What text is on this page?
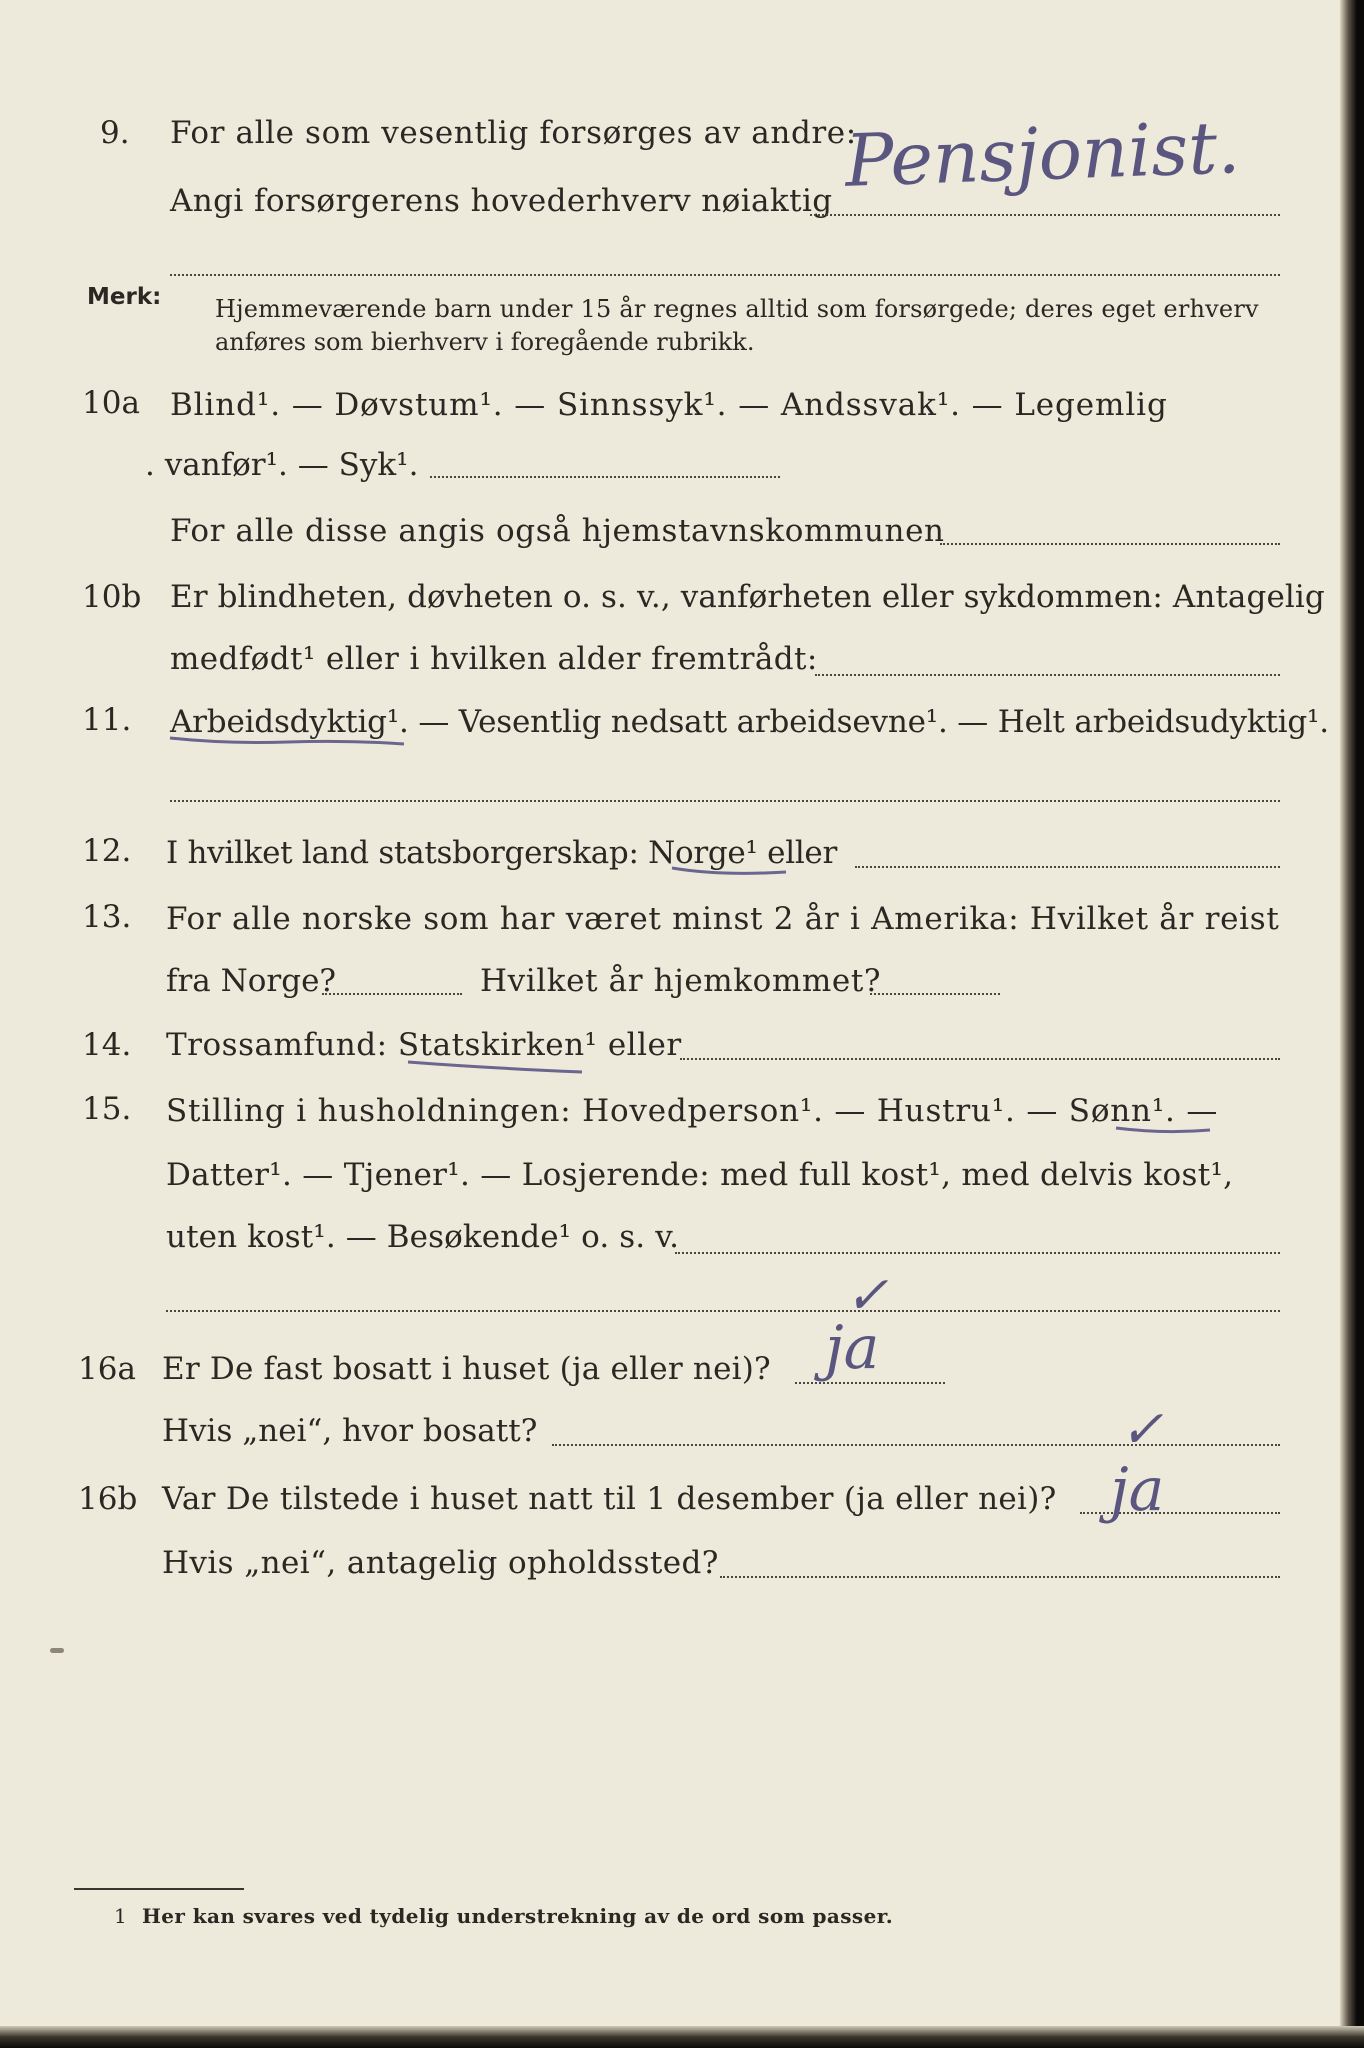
9. For alle som vesentlig forsørges av andre:
Angi forsørgerens hovederhverv nøiaktig Pensjonist.
Merk: Hjemmeværende barn under 15 år regnes alltid som forsørgede; deres eget erhverv
anføres som bierhverv i foregående rubrikk.
10a Blind¹. — Døvstum¹. — Sinnssyk¹. — Andssvak¹. — Legemlig
. vanfør¹. — Syk¹.
For alle disse angis også hjemstavnskommunen
10b Er blindheten, døvheten o. s. v., vanførheten eller sykdommen: Antagelig
medfødt¹ eller i hvilken alder fremtrådt:
11. Arbeidsdyktig¹. — Vesentlig nedsatt arbeidsevne¹. — Helt arbeidsudyktig¹.
12. I hvilket land statsborgerskap: Norge¹ eller
13. For alle norske som har været minst 2 år i Amerika: Hvilket år reist
fra Norge?	Hvilket år hjemkommet?
14. Trossamfund: Statskirken¹ eller
15. Stilling i husholdningen: Hovedperson¹. — Hustru¹. — Sønn¹. —
Datter¹. — Tjener¹. — Losjerende: med full kost¹, med delvis kost¹,
uten kost¹. — Besøkende¹ o. s. v.
16a Er De fast bosatt i huset (ja eller nei)? ja
✓
Hvis „nei“, hvor bosatt?
16b Var De tilstede i huset natt til 1 desember (ja eller nei)? ja
✓
Hvis „nei“, antagelig opholdssted?
1 Her kan svares ved tydelig understrekning av de ord som passer.
